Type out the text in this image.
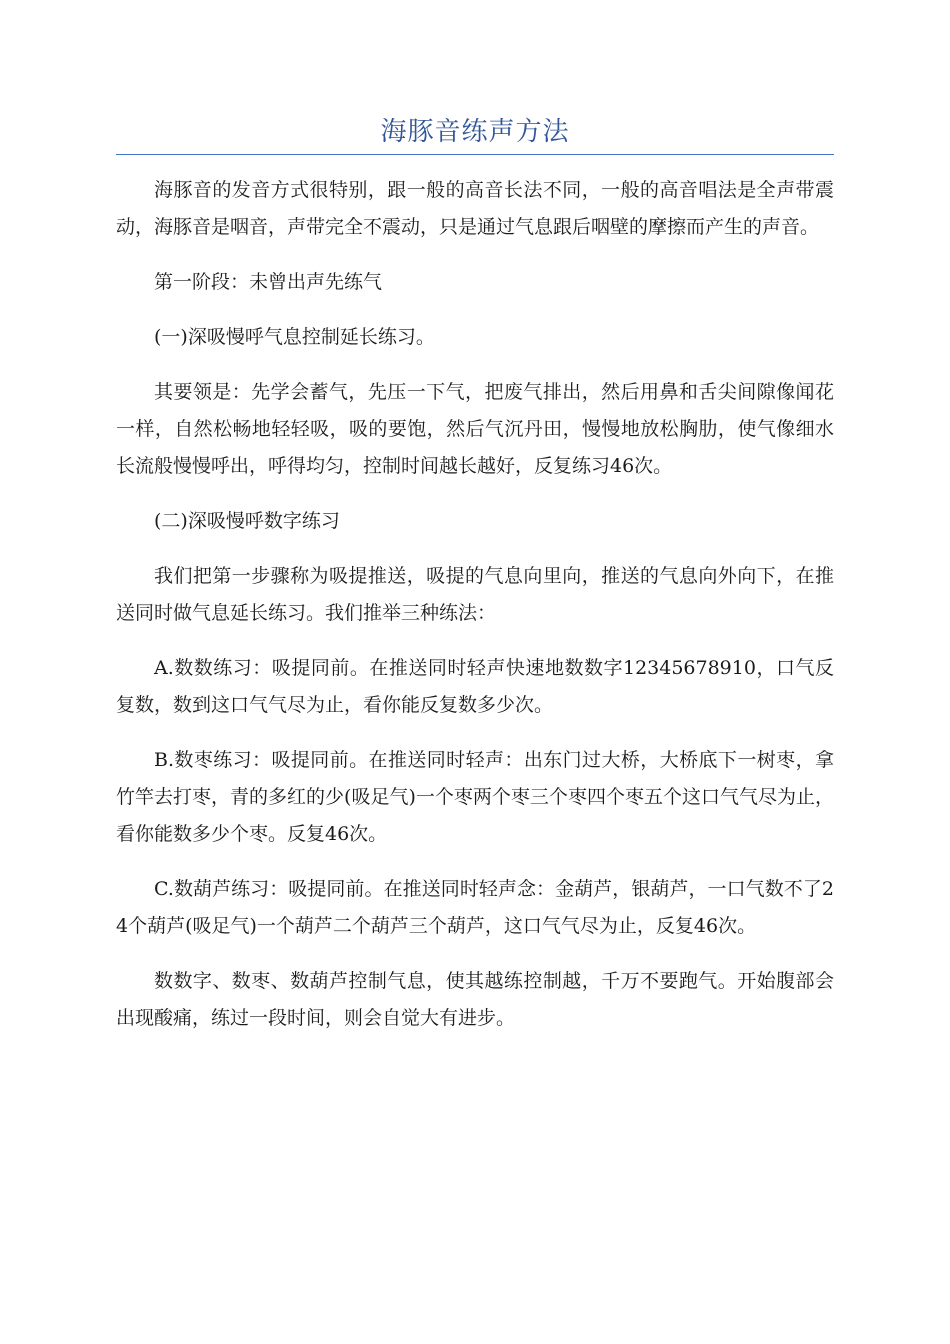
海豚音练声方法

海豚音的发音方式很特别，跟一般的高音长法不同，一般的高音唱法是全声带震动，海豚音是咽音，声带完全不震动，只是通过气息跟后咽壁的摩擦而产生的声音。

第一阶段：未曾出声先练气

(一)深吸慢呼气息控制延长练习。

其要领是：先学会蓄气，先压一下气，把废气排出，然后用鼻和舌尖间隙像闻花一样，自然松畅地轻轻吸，吸的要饱，然后气沉丹田，慢慢地放松胸肋，使气像细水长流般慢慢呼出，呼得均匀，控制时间越长越好，反复练习46次。

(二)深吸慢呼数字练习

我们把第一步骤称为吸提推送，吸提的气息向里向，推送的气息向外向下，在推送同时做气息延长练习。我们推举三种练法：

A.数数练习：吸提同前。在推送同时轻声快速地数数字12345678910，口气反复数，数到这口气气尽为止，看你能反复数多少次。

B.数枣练习：吸提同前。在推送同时轻声：出东门过大桥，大桥底下一树枣，拿竹竿去打枣，青的多红的少(吸足气)一个枣两个枣三个枣四个枣五个这口气气尽为止，看你能数多少个枣。反复46次。

C.数葫芦练习：吸提同前。在推送同时轻声念：金葫芦，银葫芦，一口气数不了24个葫芦(吸足气)一个葫芦二个葫芦三个葫芦，这口气气尽为止，反复46次。

数数字、数枣、数葫芦控制气息，使其越练控制越，千万不要跑气。开始腹部会出现酸痛，练过一段时间，则会自觉大有进步。
